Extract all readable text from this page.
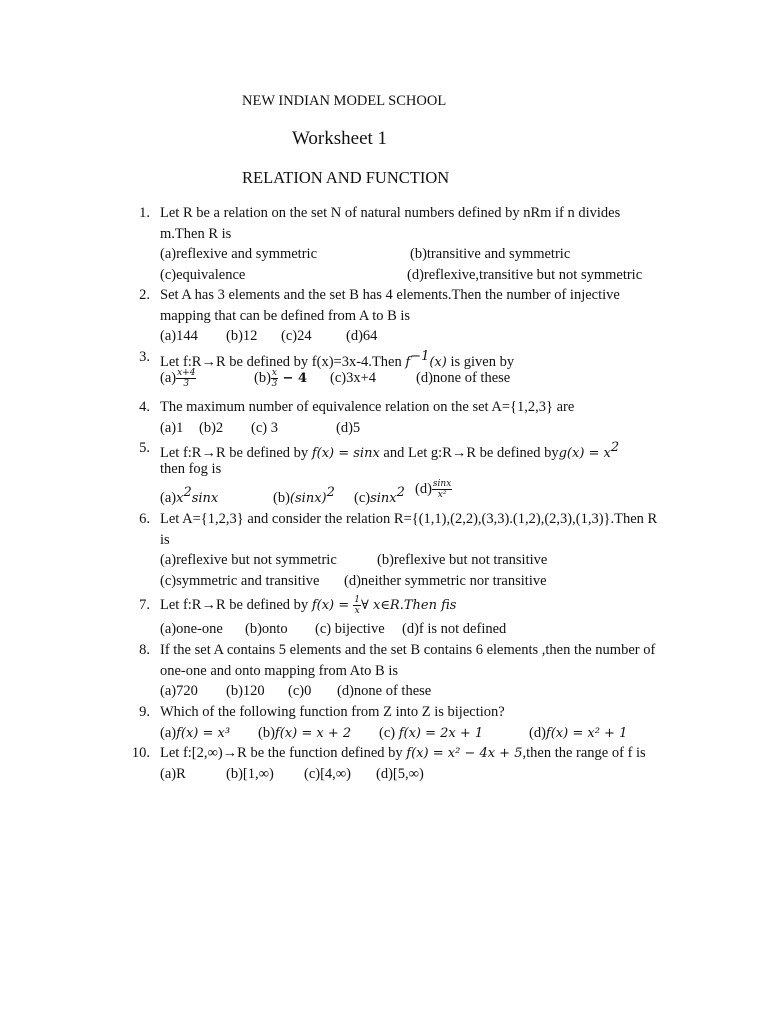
NEW INDIAN MODEL SCHOOL
Worksheet 1
RELATION AND FUNCTION
1. Let R be a relation on the set N of natural numbers defined by nRm if n divides
m.Then R is
(a)reflexive and symmetric	(b)transitive and symmetric
(c)equivalence	(d)reflexive,transitive but not symmetric
2. Set A has 3 elements and the set B has 4 elements.Then the number of injective
mapping that can be defined from A to B is
(a)144 (b)12 (c)24 (d)64
3. Let f:R→R be defined by f(x)=3x-4.Then $f^{-1}(x)$ is given by
$(a) \frac{x+4}{3}$	$(b) \frac{x}{3} - 4$ (c)3x+4	(d)none of these
4. The maximum number of equivalence relation on the set A={1,2,3} are
(a)1 (b)2 (c) 3	(d)5
5. Let f:R→R be defined by f(x) = sinx and Let g:R→R be defined $byg(x) = x^2$
then fog is
$(a)x^2\sin x$	$(b)(\sin x)^2$ (c)sinx$^2$ $(d) \frac{\sin x}{\text{x²}}$
6. Let A={1,2,3} and consider the relation R={(1,1),(2,2),(3,3).(1,2),(2,3),(1,3)}.Then R
is
(a)reflexive but not symmetric	(b)reflexive but not transitive
(c)symmetric and transitive (d)neither symmetric nor transitive
7. Let f:R→R be defined by $f(x) = \frac{1}{x}$ ∀ x∈R.Then fis
(a)one-one (b)onto (c) bijective (d)f is not defined
8. If the set A contains 5 elements and the set B contains 6 elements ,then the number of
one-one and onto mapping from Ato B is
(a)720 (b)120 (c)0 (d)none of these
9. Which of the following function from Z into Z is bijection?
(a)f(x) = x³ (b)f(x) = x + 2 (c) f(x) = 2x + 1	(d)f(x) = x² + 1
10. Let f:[2,∞)→R be the function defined by f(x) = x² − 4x + 5,then the range of f is
(a)R	(b)[1,∞) (c)[4,∞) (d)[5,∞)
